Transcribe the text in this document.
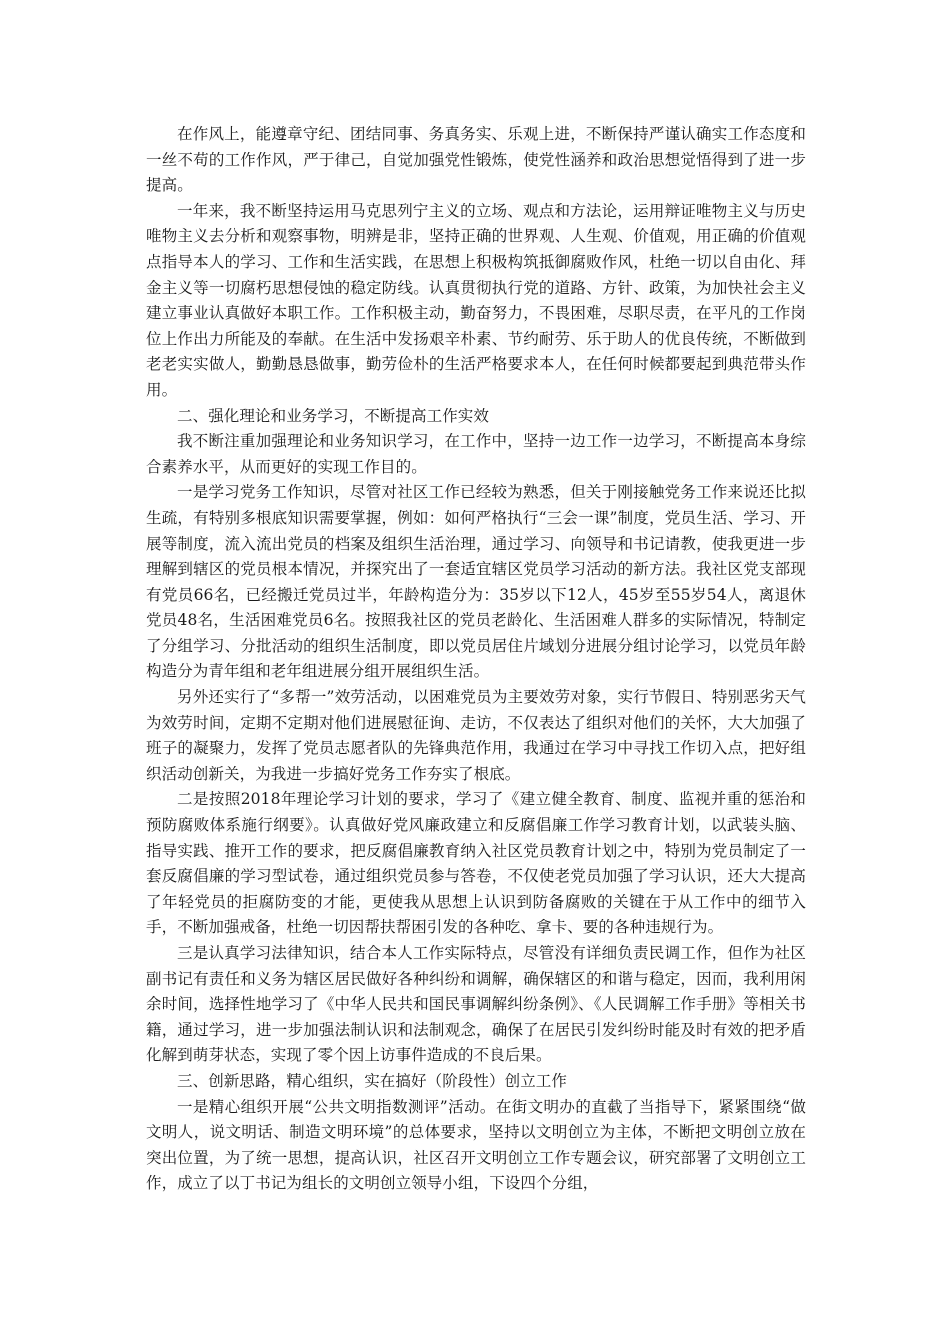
在作风上，能遵章守纪、团结同事、务真务实、乐观上进，不断保持严谨认确实工作态度和一丝不苟的工作作风，严于律己，自觉加强党性锻炼，使党性涵养和政治思想觉悟得到了进一步提高。

一年来，我不断坚持运用马克思列宁主义的立场、观点和方法论，运用辩证唯物主义与历史唯物主义去分析和观察事物，明辨是非，坚持正确的世界观、人生观、价值观，用正确的价值观点指导本人的学习、工作和生活实践，在思想上积极构筑抵御腐败作风，杜绝一切以自由化、拜金主义等一切腐朽思想侵蚀的稳定防线。认真贯彻执行党的道路、方针、政策，为加快社会主义建立事业认真做好本职工作。工作积极主动，勤奋努力，不畏困难，尽职尽责，在平凡的工作岗位上作出力所能及的奉献。在生活中发扬艰辛朴素、节约耐劳、乐于助人的优良传统，不断做到老老实实做人，勤勤恳恳做事，勤劳俭朴的生活严格要求本人，在任何时候都要起到典范带头作用。

二、强化理论和业务学习，不断提高工作实效

我不断注重加强理论和业务知识学习，在工作中，坚持一边工作一边学习，不断提高本身综合素养水平，从而更好的实现工作目的。

一是学习党务工作知识，尽管对社区工作已经较为熟悉，但关于刚接触党务工作来说还比拟生疏，有特别多根底知识需要掌握，例如：如何严格执行“三会一课”制度，党员生活、学习、开展等制度，流入流出党员的档案及组织生活治理，通过学习、向领导和书记请教，使我更进一步理解到辖区的党员根本情况，并探究出了一套适宜辖区党员学习活动的新方法。我社区党支部现有党员66名，已经搬迁党员过半，年龄构造分为：35岁以下12人，45岁至55岁54人，离退休党员48名，生活困难党员6名。按照我社区的党员老龄化、生活困难人群多的实际情况，特制定了分组学习、分批活动的组织生活制度，即以党员居住片域划分进展分组讨论学习，以党员年龄构造分为青年组和老年组进展分组开展组织生活。

另外还实行了“多帮一”效劳活动，以困难党员为主要效劳对象，实行节假日、特别恶劣天气为效劳时间，定期不定期对他们进展慰征询、走访，不仅表达了组织对他们的关怀，大大加强了班子的凝聚力，发挥了党员志愿者队的先锋典范作用，我通过在学习中寻找工作切入点，把好组织活动创新关，为我进一步搞好党务工作夯实了根底。

二是按照2018年理论学习计划的要求，学习了《建立健全教育、制度、监视并重的惩治和预防腐败体系施行纲要》。认真做好党风廉政建立和反腐倡廉工作学习教育计划，以武装头脑、指导实践、推开工作的要求，把反腐倡廉教育纳入社区党员教育计划之中，特别为党员制定了一套反腐倡廉的学习型试卷，通过组织党员参与答卷，不仅使老党员加强了学习认识，还大大提高了年轻党员的拒腐防变的才能，更使我从思想上认识到防备腐败的关键在于从工作中的细节入手，不断加强戒备，杜绝一切因帮扶帮困引发的各种吃、拿卡、要的各种违规行为。

三是认真学习法律知识，结合本人工作实际特点，尽管没有详细负责民调工作，但作为社区副书记有责任和义务为辖区居民做好各种纠纷和调解，确保辖区的和谐与稳定，因而，我利用闲余时间，选择性地学习了《中华人民共和国民事调解纠纷条例》、《人民调解工作手册》等相关书籍，通过学习，进一步加强法制认识和法制观念，确保了在居民引发纠纷时能及时有效的把矛盾化解到萌芽状态，实现了零个因上访事件造成的不良后果。

三、创新思路，精心组织，实在搞好（阶段性）创立工作

一是精心组织开展“公共文明指数测评”活动。在街文明办的直截了当指导下，紧紧围绕“做文明人，说文明话、制造文明环境”的总体要求，坚持以文明创立为主体，不断把文明创立放在突出位置，为了统一思想，提高认识，社区召开文明创立工作专题会议，研究部署了文明创立工作，成立了以丁书记为组长的文明创立领导小组，下设四个分组，
